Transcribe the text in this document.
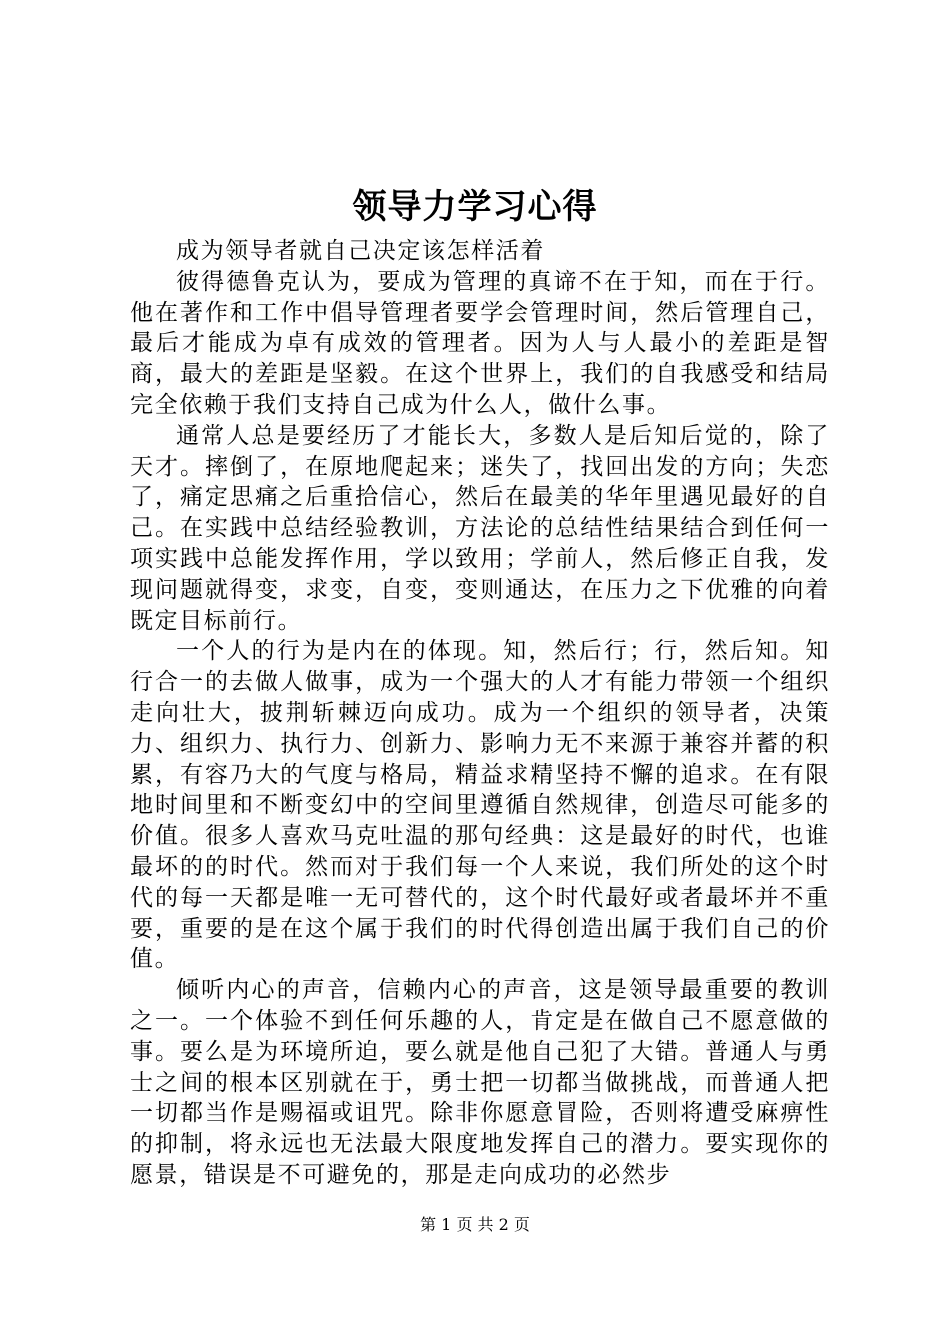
领导力学习心得

成为领导者就自己决定该怎样活着

彼得德鲁克认为，要成为管理的真谛不在于知，而在于行。他在著作和工作中倡导管理者要学会管理时间，然后管理自己，最后才能成为卓有成效的管理者。因为人与人最小的差距是智商，最大的差距是坚毅。在这个世界上，我们的自我感受和结局完全依赖于我们支持自己成为什么人，做什么事。

通常人总是要经历了才能长大，多数人是后知后觉的，除了天才。摔倒了，在原地爬起来；迷失了，找回出发的方向；失恋了，痛定思痛之后重拾信心，然后在最美的华年里遇见最好的自己。在实践中总结经验教训，方法论的总结性结果结合到任何一项实践中总能发挥作用，学以致用；学前人，然后修正自我，发现问题就得变，求变，自变，变则通达，在压力之下优雅的向着既定目标前行。

一个人的行为是内在的体现。知，然后行；行，然后知。知行合一的去做人做事，成为一个强大的人才有能力带领一个组织走向壮大，披荆斩棘迈向成功。成为一个组织的领导者，决策力、组织力、执行力、创新力、影响力无不来源于兼容并蓄的积累，有容乃大的气度与格局，精益求精坚持不懈的追求。在有限地时间里和不断变幻中的空间里遵循自然规律，创造尽可能多的价值。很多人喜欢马克吐温的那句经典：这是最好的时代，也谁最坏的的时代。然而对于我们每一个人来说，我们所处的这个时代的每一天都是唯一无可替代的，这个时代最好或者最坏并不重要，重要的是在这个属于我们的时代得创造出属于我们自己的价值。

倾听内心的声音，信赖内心的声音，这是领导最重要的教训之一。一个体验不到任何乐趣的人，肯定是在做自己不愿意做的事。要么是为环境所迫，要么就是他自己犯了大错。普通人与勇士之间的根本区别就在于，勇士把一切都当做挑战，而普通人把一切都当作是赐福或诅咒。除非你愿意冒险，否则将遭受麻痹性的抑制，将永远也无法最大限度地发挥自己的潜力。要实现你的愿景，错误是不可避免的，那是走向成功的必然步

第 1 页 共 2 页
